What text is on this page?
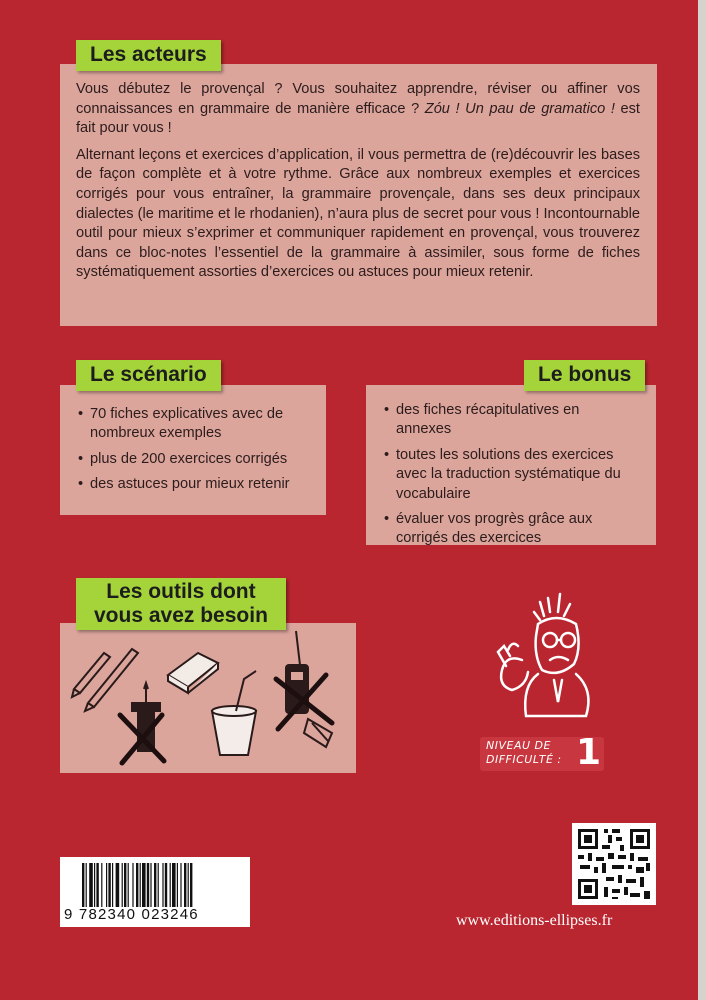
Vous débutez le provençal ? Vous souhaitez apprendre, réviser ou affiner vos connaissances en grammaire de manière efficace ? Zóu ! Un pau de gramatico ! est fait pour vous !

Alternant leçons et exercices d’application, il vous permettra de (re)découvrir les bases de façon complète et à votre rythme. Grâce aux nombreux exemples et exercices corrigés pour vous entraîner, la grammaire provençale, dans ses deux principaux dialectes (le maritime et le rhodanien), n’aura plus de secret pour vous ! Incontournable outil pour mieux s’exprimer et communiquer rapidement en provençal, vous trouverez dans ce bloc-notes l’essentiel de la grammaire à assimiler, sous forme de fiches systématiquement assorties d’exercices ou astuces pour mieux retenir.

Les acteurs
• 70 fiches explicatives avec de nombreux exemples
• plus de 200 exercices corrigés
• des astuces pour mieux retenir
Le scénario
• des fiches récapitulatives en annexes
• toutes les solutions des exercices avec la traduction systématique du vocabulaire
• évaluer vos progrès grâce aux corrigés des exercices
Le bonus
Les outils dont
vous avez besoin
NIVEAU DE
DIFFICULTÉ : 1
9 782340 023246	www.editions-ellipses.fr
